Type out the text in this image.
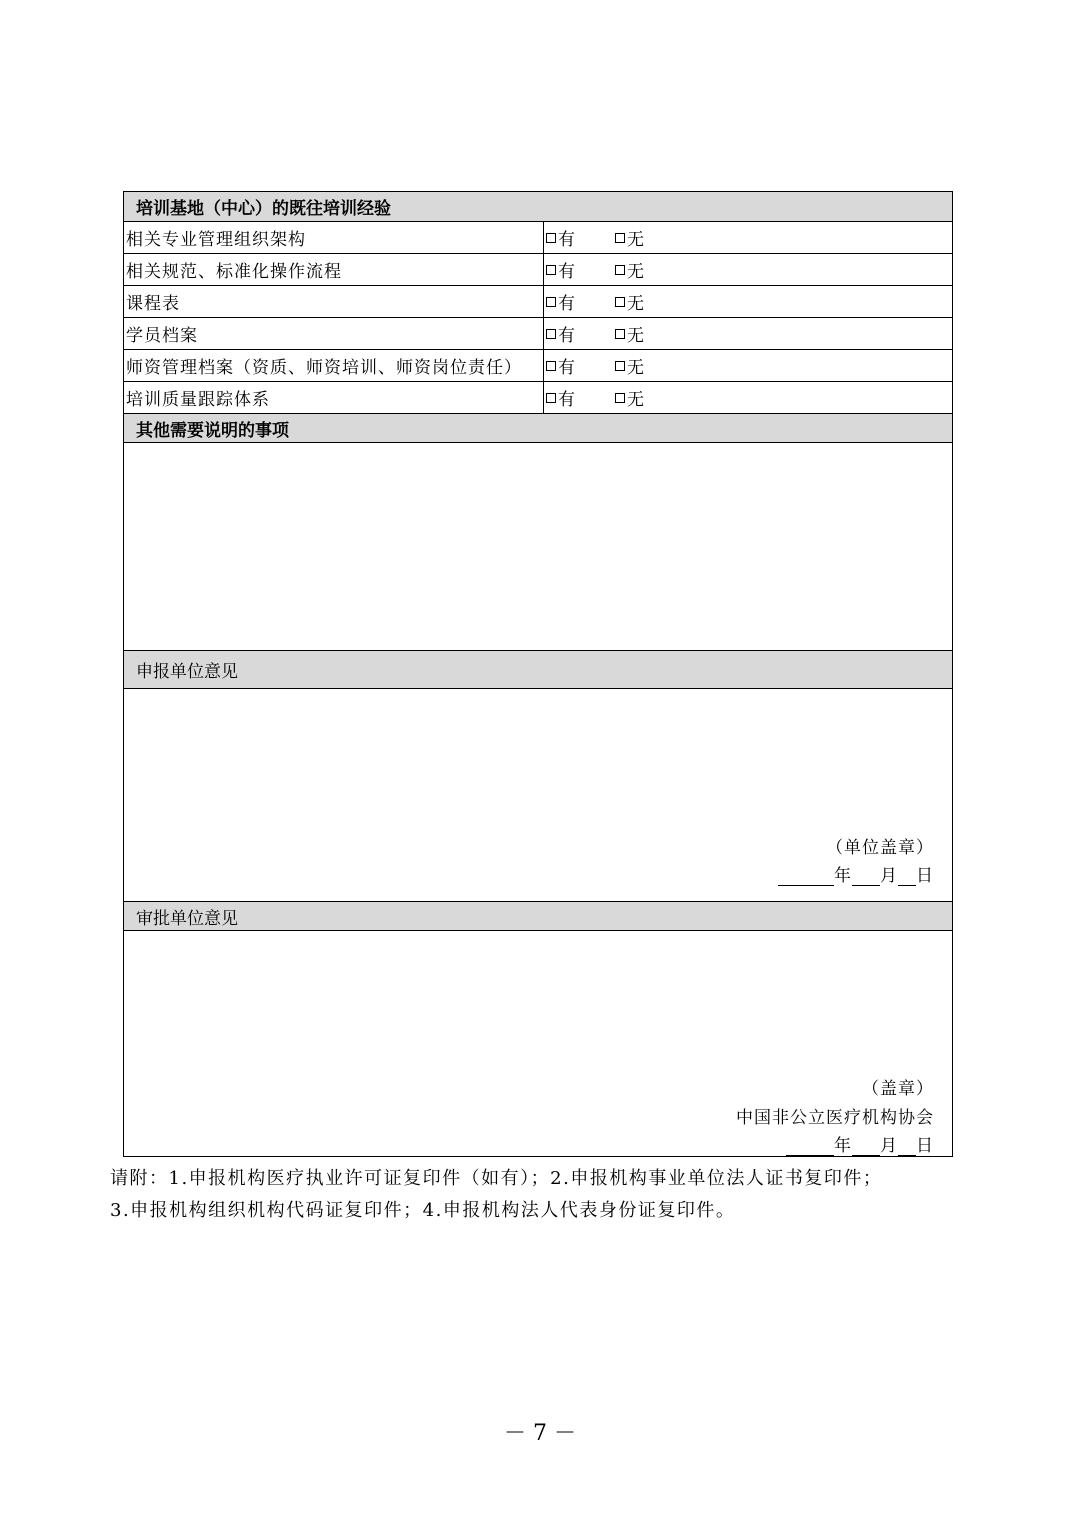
培训基地（中心）的既往培训经验
相关专业管理组织架构	有	无
相关规范、标准化操作流程	有	无
课程表	有	无
学员档案	有	无
师资管理档案（资质、师资培训、师资岗位责任）	有	无
培训质量跟踪体系	有	无
其他需要说明的事项
申报单位意见
（单位盖章）
年 月 日
审批单位意见
（盖章）
中国非公立医疗机构协会
年 月 日
请附：1.申报机构医疗执业许可证复印件（如有）；2.申报机构事业单位法人证书复印件；
3.申报机构组织机构代码证复印件；4.申报机构法人代表身份证复印件。
－ 7 －
